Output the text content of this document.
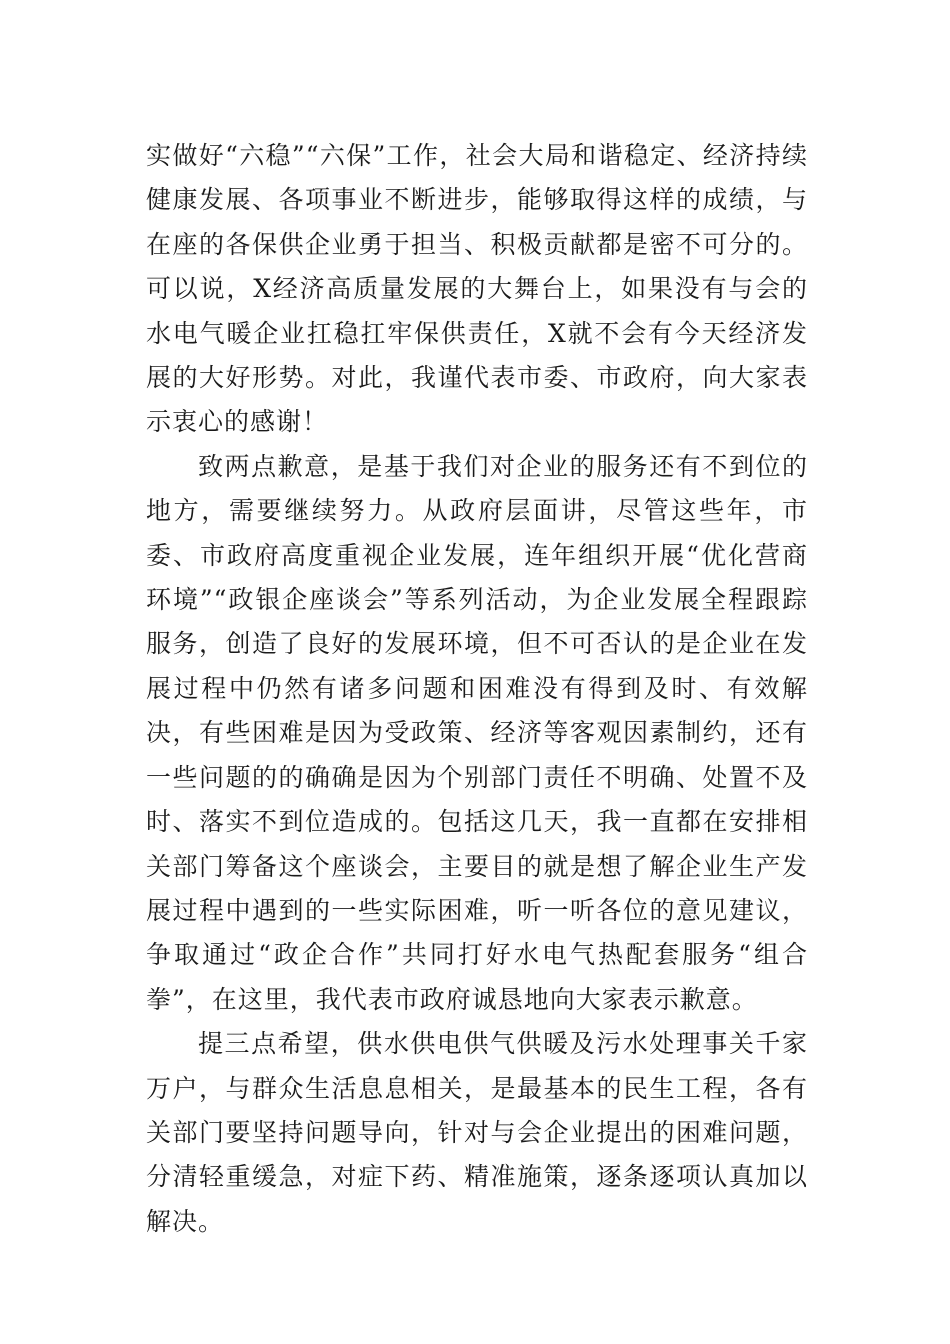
实做好“六稳”“六保”工作，社会大局和谐稳定、经济持续健康发展、各项事业不断进步，能够取得这样的成绩，与在座的各保供企业勇于担当、积极贡献都是密不可分的。可以说，X经济高质量发展的大舞台上，如果没有与会的水电气暖企业扛稳扛牢保供责任，X就不会有今天经济发展的大好形势。对此，我谨代表市委、市政府，向大家表示衷心的感谢！

致两点歉意，是基于我们对企业的服务还有不到位的地方，需要继续努力。从政府层面讲，尽管这些年，市委、市政府高度重视企业发展，连年组织开展“优化营商环境”“政银企座谈会”等系列活动，为企业发展全程跟踪服务，创造了良好的发展环境，但不可否认的是企业在发展过程中仍然有诸多问题和困难没有得到及时、有效解决，有些困难是因为受政策、经济等客观因素制约，还有一些问题的的确确是因为个别部门责任不明确、处置不及时、落实不到位造成的。包括这几天，我一直都在安排相关部门筹备这个座谈会，主要目的就是想了解企业生产发展过程中遇到的一些实际困难，听一听各位的意见建议，争取通过“政企合作”共同打好水电气热配套服务“组合拳”，在这里，我代表市政府诚恳地向大家表示歉意。

提三点希望，供水供电供气供暖及污水处理事关千家万户，与群众生活息息相关，是最基本的民生工程，各有关部门要坚持问题导向，针对与会企业提出的困难问题，分清轻重缓急，对症下药、精准施策，逐条逐项认真加以解决。
